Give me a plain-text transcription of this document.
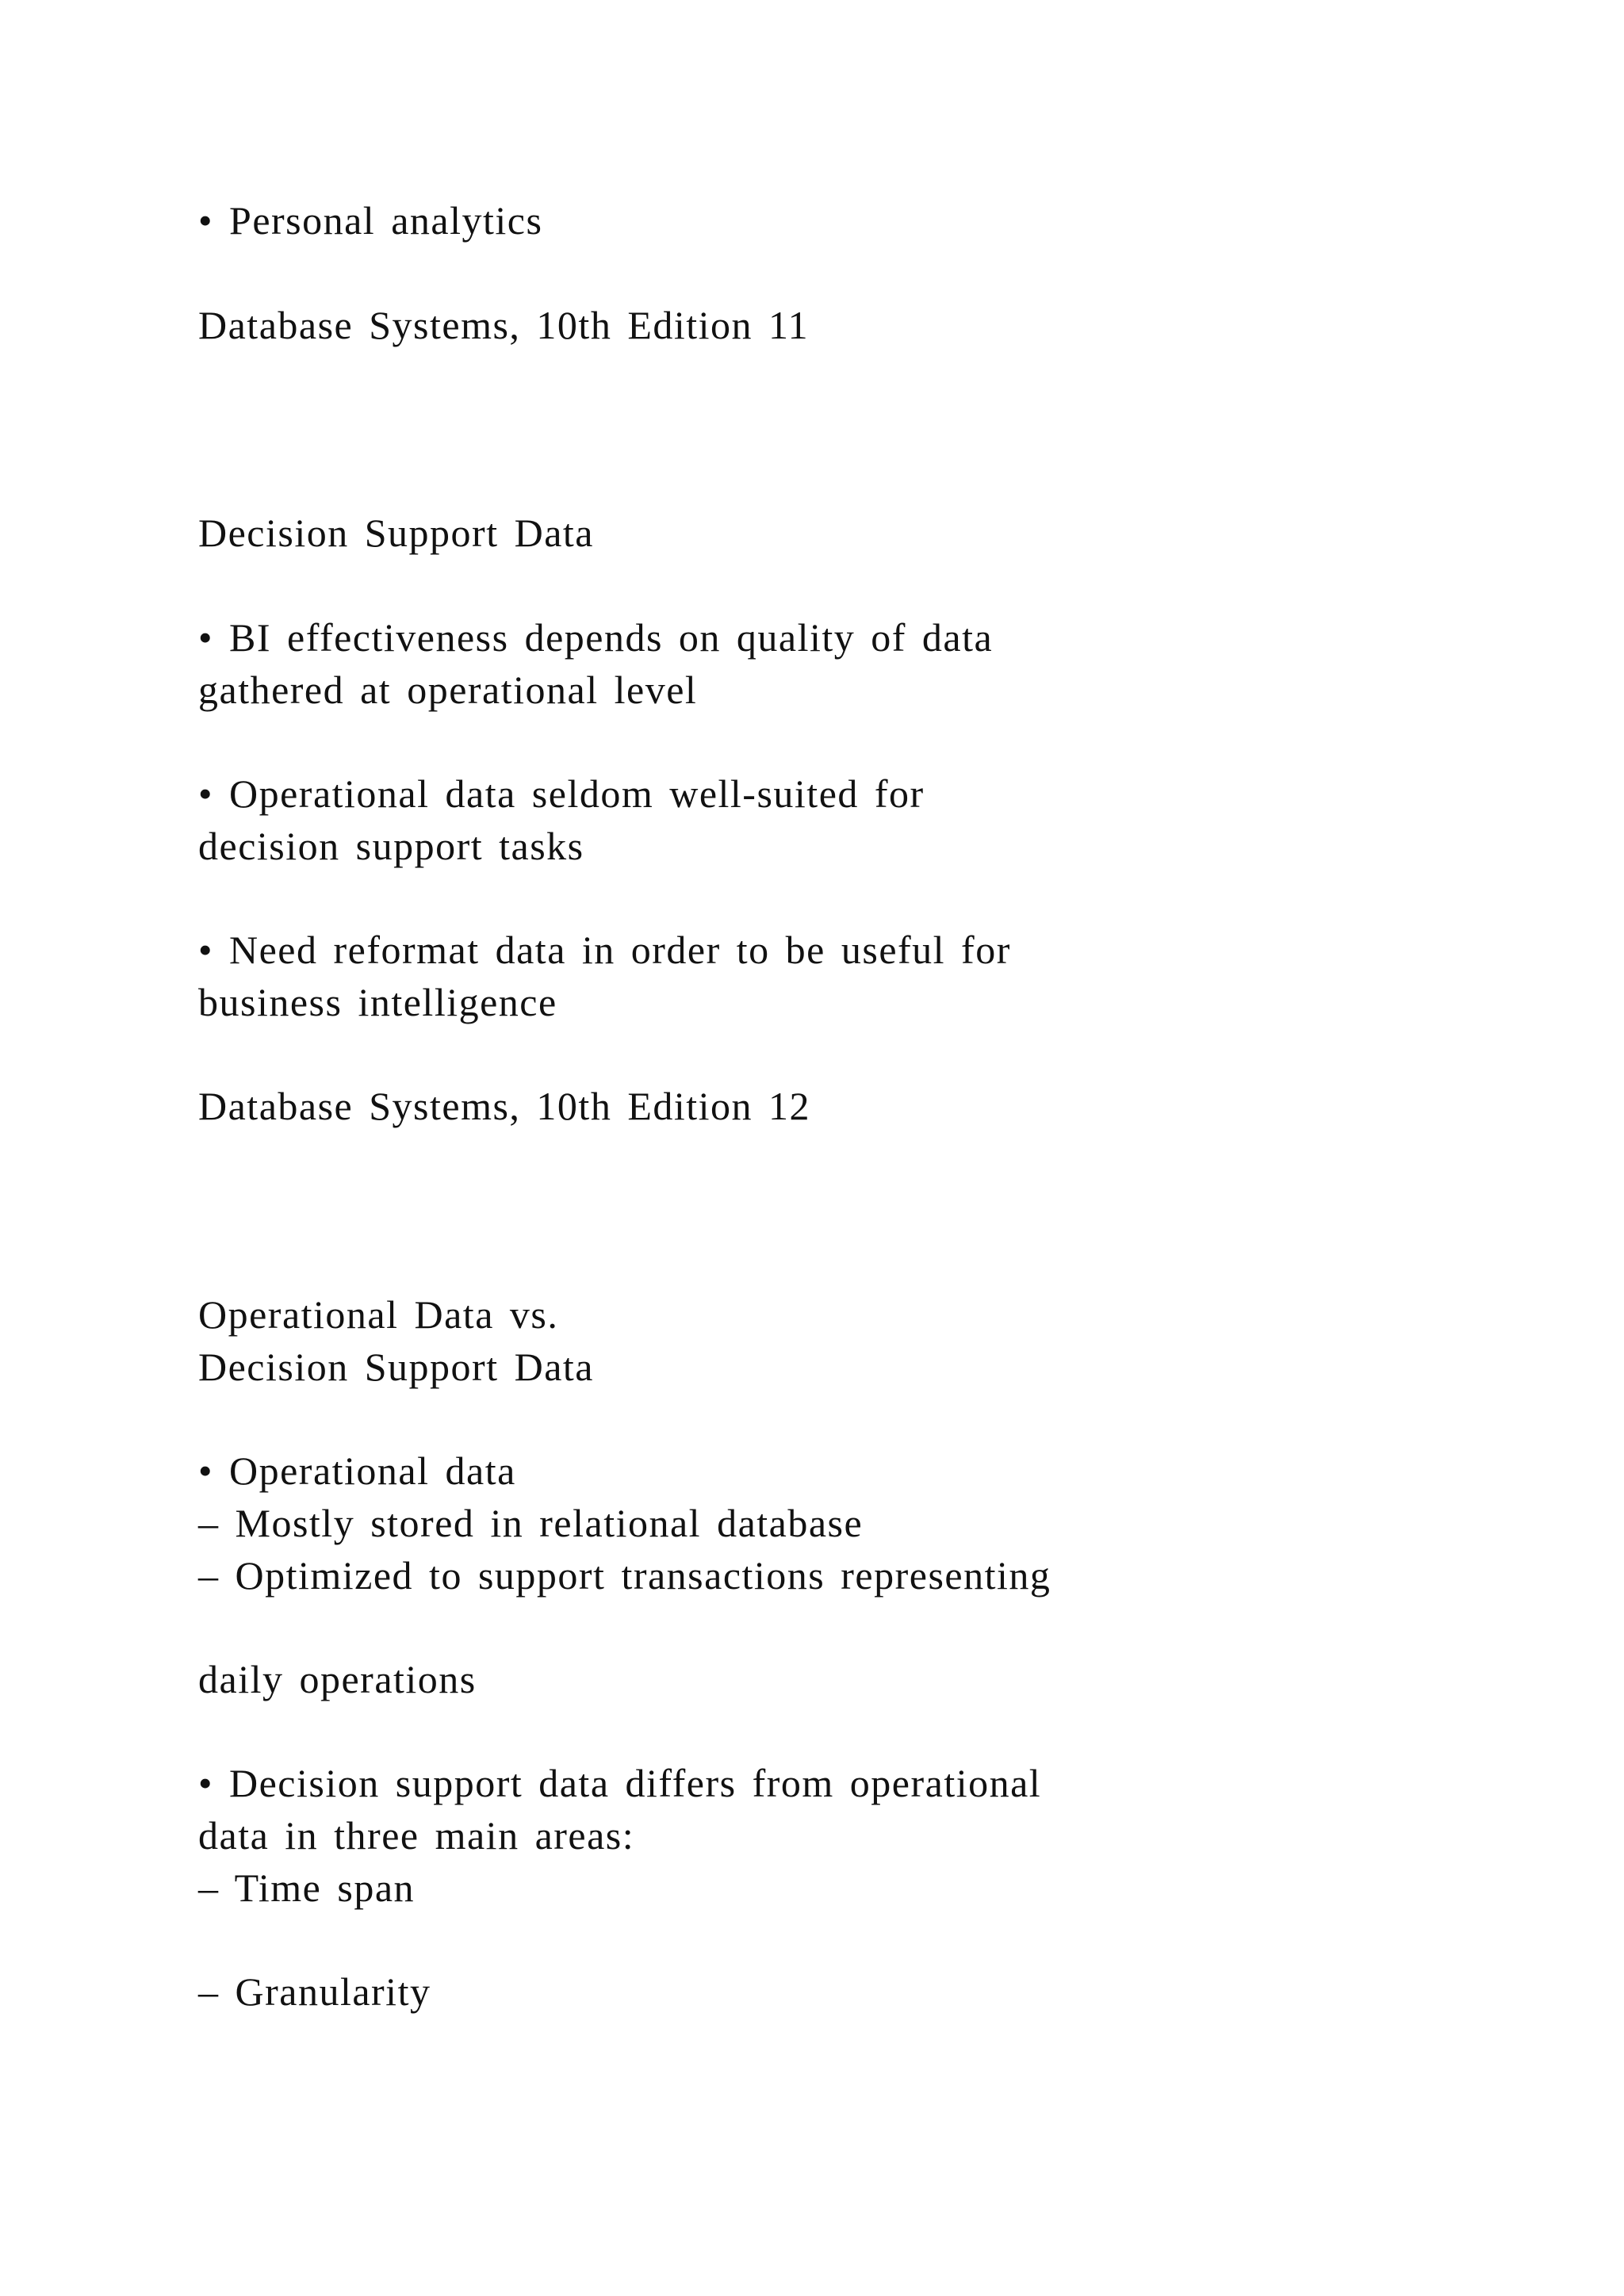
• Personal analytics
Database Systems, 10th Edition 11
Decision Support Data
• BI effectiveness depends on quality of data
gathered at operational level
• Operational data seldom well-suited for
decision support tasks
• Need reformat data in order to be useful for
business intelligence
Database Systems, 10th Edition 12
Operational Data vs.
Decision Support Data
• Operational data
– Mostly stored in relational database
– Optimized to support transactions representing
daily operations
• Decision support data differs from operational
data in three main areas:
– Time span
– Granularity
